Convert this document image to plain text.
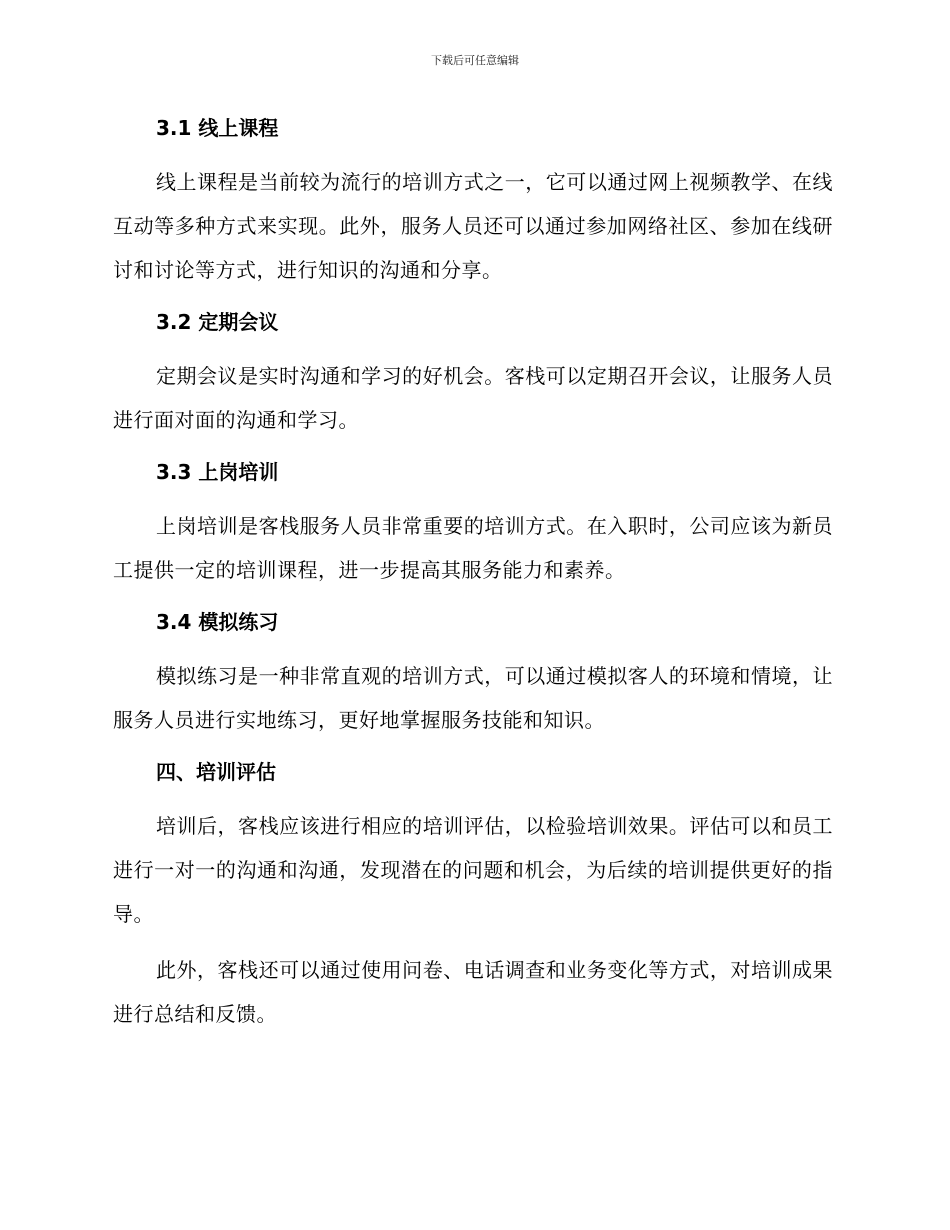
下载后可任意编辑
3.1 线上课程

线上课程是当前较为流行的培训方式之一，它可以通过网上视频教学、在线互动等多种方式来实现。此外，服务人员还可以通过参加网络社区、参加在线研讨和讨论等方式，进行知识的沟通和分享。

3.2 定期会议

定期会议是实时沟通和学习的好机会。客栈可以定期召开会议，让服务人员进行面对面的沟通和学习。

3.3 上岗培训

上岗培训是客栈服务人员非常重要的培训方式。在入职时，公司应该为新员工提供一定的培训课程，进一步提高其服务能力和素养。

3.4 模拟练习

模拟练习是一种非常直观的培训方式，可以通过模拟客人的环境和情境，让服务人员进行实地练习，更好地掌握服务技能和知识。

四、培训评估

培训后，客栈应该进行相应的培训评估，以检验培训效果。评估可以和员工进行一对一的沟通和沟通，发现潜在的问题和机会，为后续的培训提供更好的指导。

此外，客栈还可以通过使用问卷、电话调查和业务变化等方式，对培训成果进行总结和反馈。
